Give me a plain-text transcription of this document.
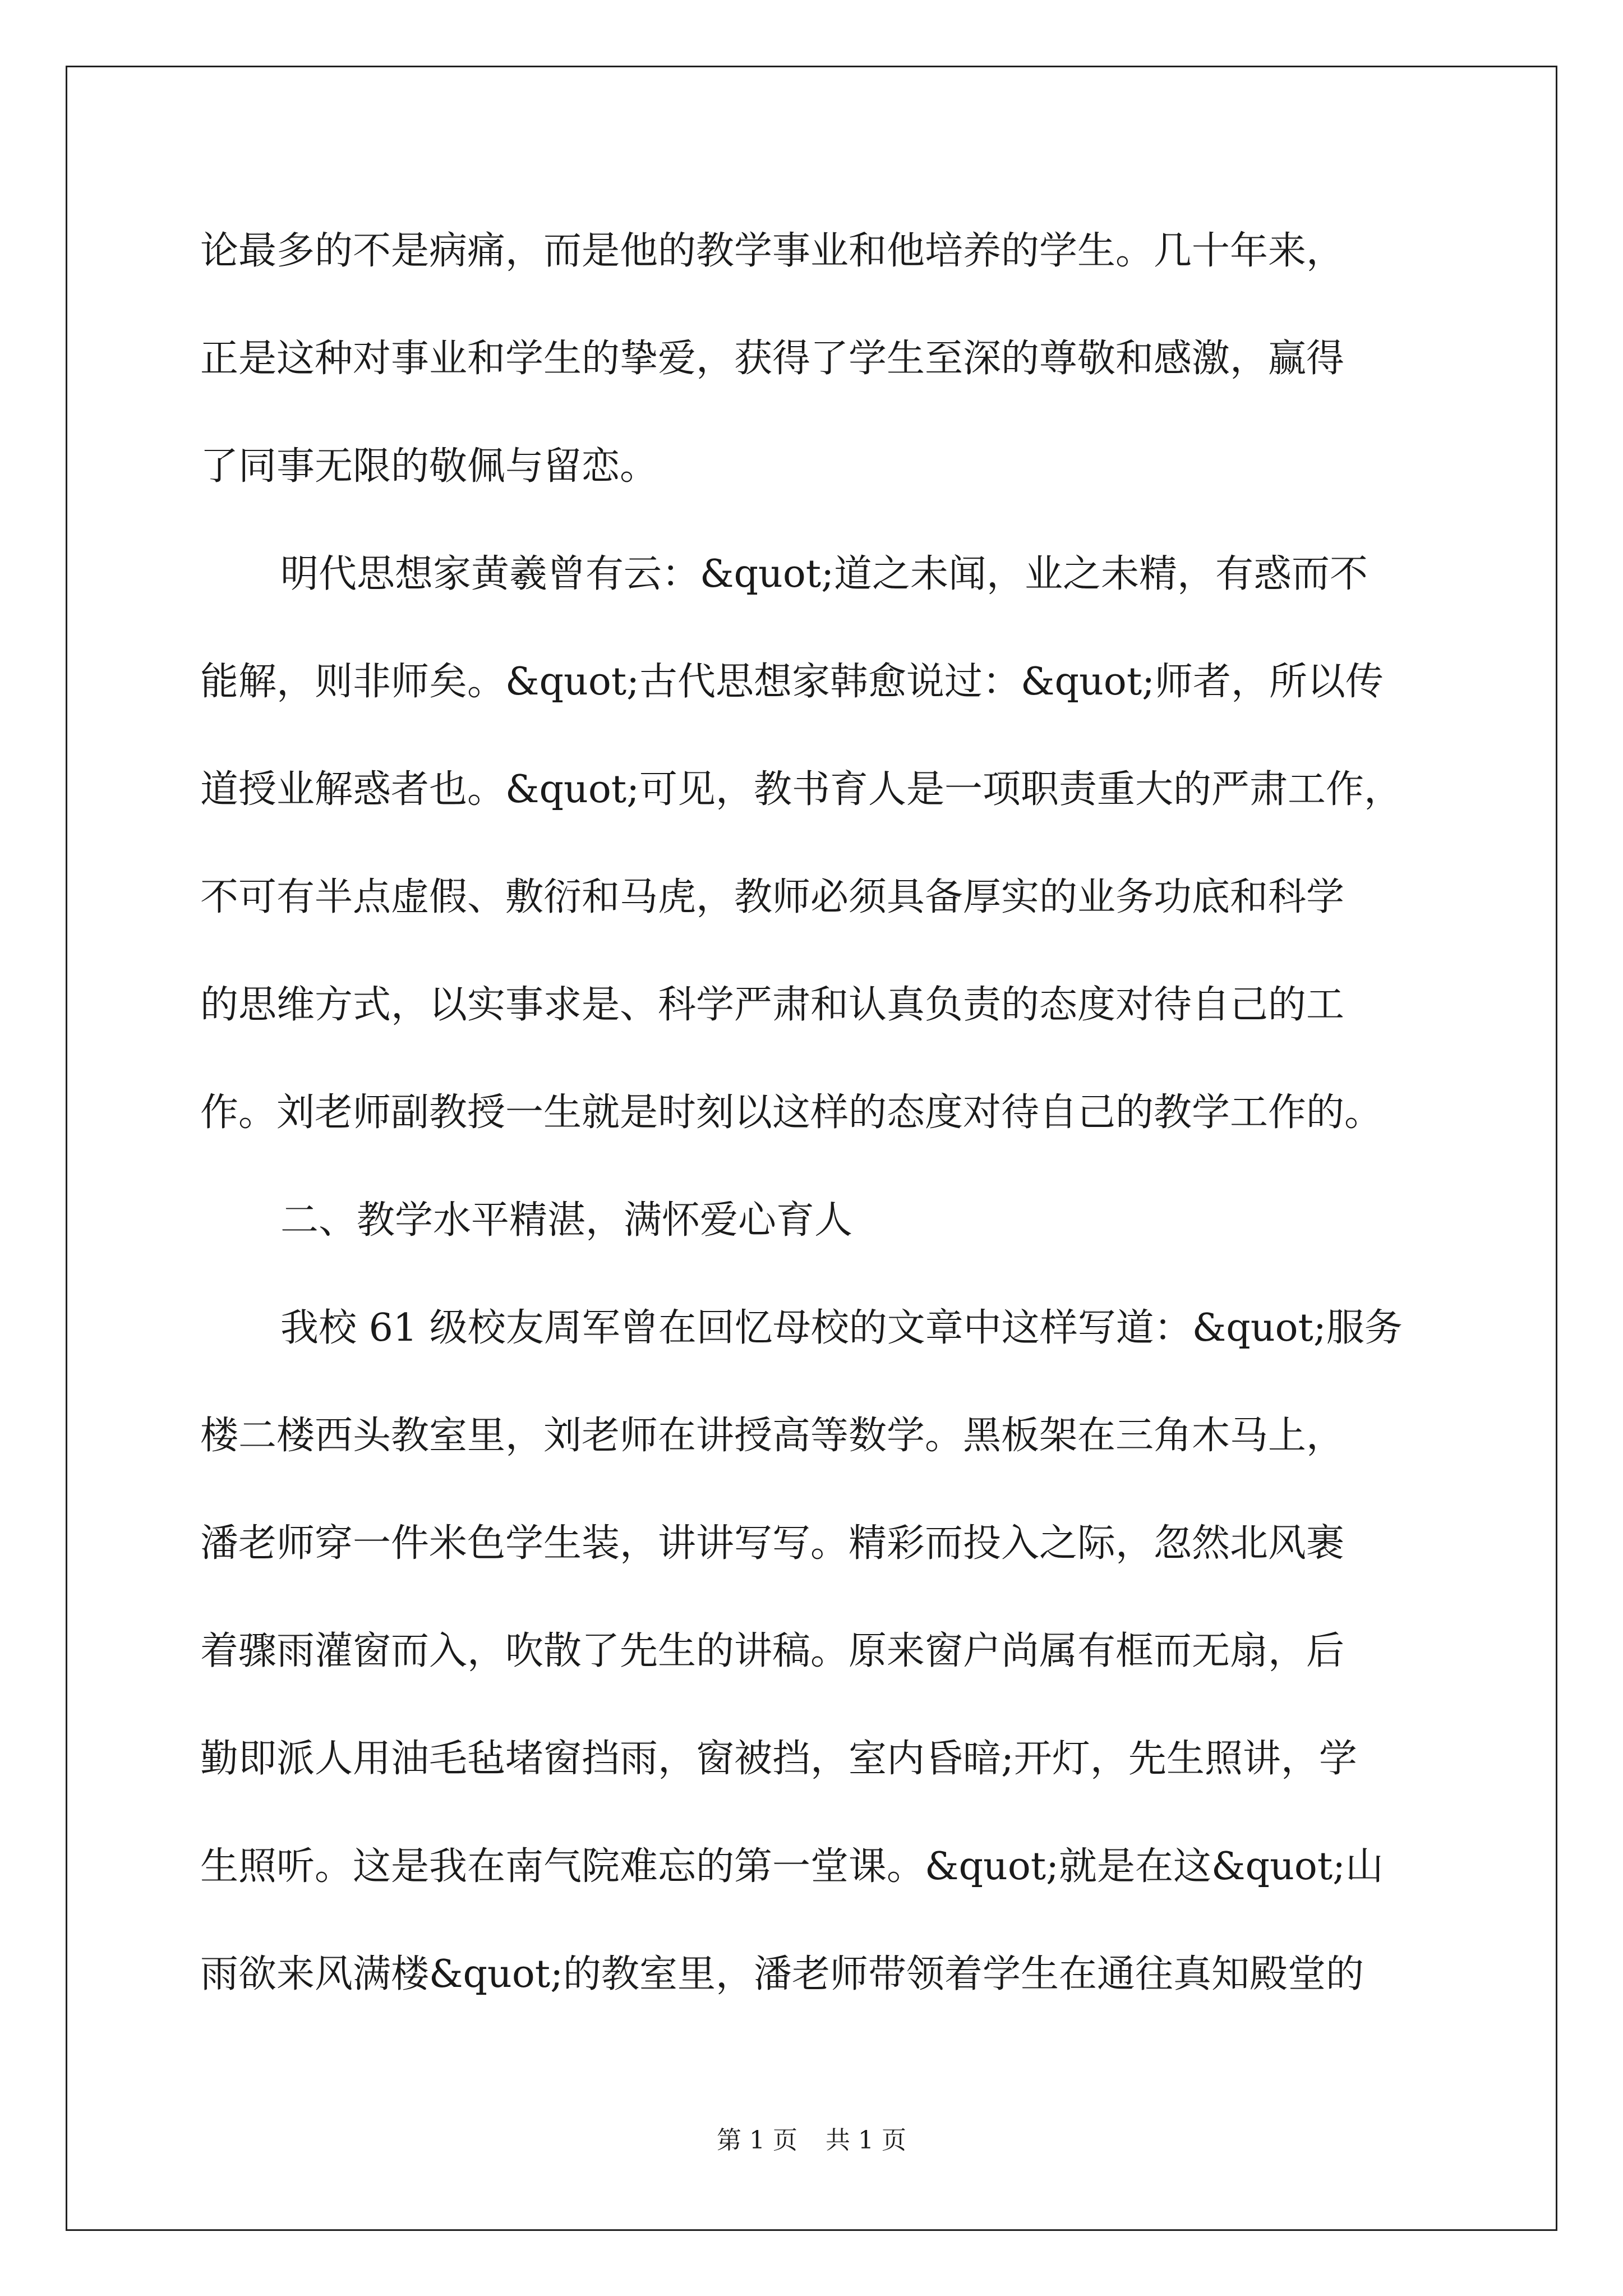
论最多的不是病痛，而是他的教学事业和他培养的学生。几十年来，

正是这种对事业和学生的挚爱，获得了学生至深的尊敬和感激，赢得

了同事无限的敬佩与留恋。

明代思想家黄羲曾有云：&quot;道之未闻，业之未精，有惑而不

能解，则非师矣。&quot;古代思想家韩愈说过：&quot;师者，所以传

道授业解惑者也。&quot;可见，教书育人是一项职责重大的严肃工作，

不可有半点虚假、敷衍和马虎，教师必须具备厚实的业务功底和科学

的思维方式，以实事求是、科学严肃和认真负责的态度对待自己的工

作。刘老师副教授一生就是时刻以这样的态度对待自己的教学工作的。

二、教学水平精湛，满怀爱心育人

我校 61 级校友周军曾在回忆母校的文章中这样写道：&quot;服务

楼二楼西头教室里，刘老师在讲授高等数学。黑板架在三角木马上，

潘老师穿一件米色学生装，讲讲写写。精彩而投入之际，忽然北风裹

着骤雨灌窗而入，吹散了先生的讲稿。原来窗户尚属有框而无扇，后

勤即派人用油毛毡堵窗挡雨，窗被挡，室内昏暗;开灯，先生照讲，学

生照听。这是我在南气院难忘的第一堂课。&quot;就是在这&quot;山

雨欲来风满楼&quot;的教室里，潘老师带领着学生在通往真知殿堂的

第 1 页 共 1 页
